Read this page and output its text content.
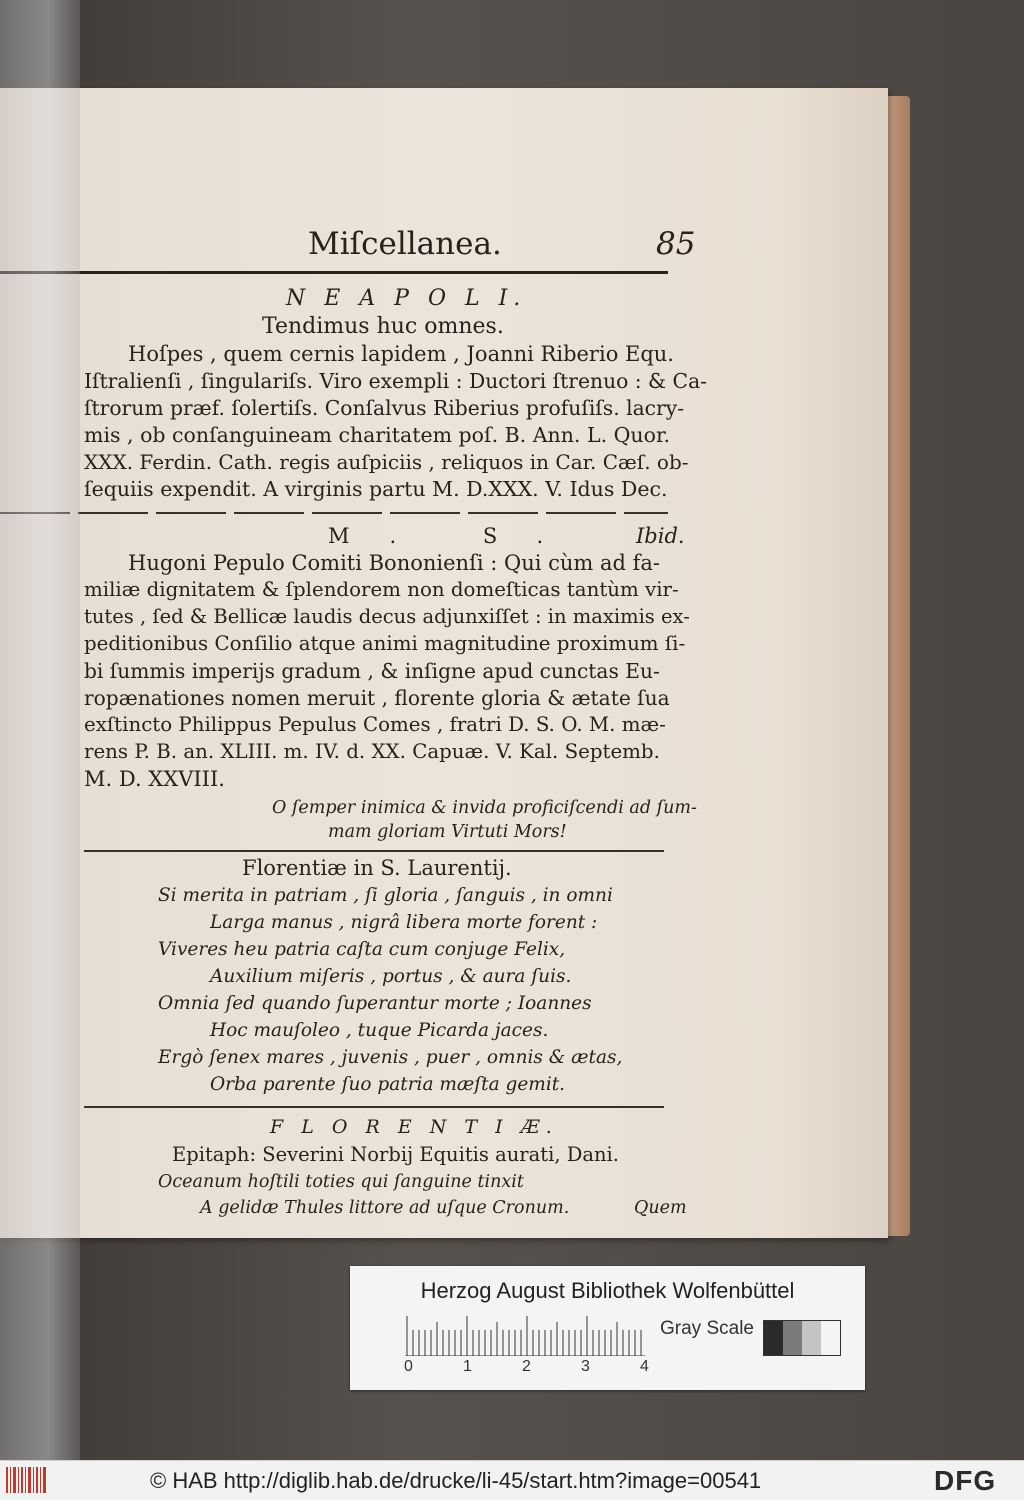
Miſcellanea.	85
N E A P O L I.
Tendimus huc omnes.
Hoſpes , quem cernis lapidem , Joanni Riberio Equ.
Iſtralienſi , ſingulariſs. Viro exempli : Ductori ſtrenuo : & Ca-
ſtrorum præf. ſolertiſs. Conſalvus Riberius profuſiſs. lacry-
mis , ob conſanguineam charitatem poſ. B. Ann. L. Quor.
XXX. Ferdin. Cath. regis auſpiciis , reliquos in Car. Cæſ. ob-
ſequiis expendit. A virginis partu M. D.XXX. V. Idus Dec.
M. S.	Ibid.
Hugoni Pepulo Comiti Bononienſi : Qui cùm ad fa-
miliæ dignitatem & ſplendorem non domeſticas tantùm vir-
tutes , ſed & Bellicæ laudis decus adjunxiſſet : in maximis ex-
peditionibus Conſilio atque animi magnitudine proximum ſi-
bi ſummis imperijs gradum , & inſigne apud cunctas Eu-
ropænationes nomen meruit , florente gloria & ætate ſua
exſtincto Philippus Pepulus Comes , fratri D. S. O. M. mæ-
rens P. B. an. XLIII. m. IV. d. XX. Capuæ. V. Kal. Septemb.
M. D. XXVIII.
O ſemper inimica & invida proficiſcendi ad ſum-
mam gloriam Virtuti Mors!
Florentiæ in S. Laurentij.
Si merita in patriam , ſi gloria , ſanguis , in omni
Larga manus , nigrâ libera morte forent :
Viveres heu patria caſta cum conjuge Felix,
Auxilium miſeris , portus , & aura ſuis.
Omnia ſed quando ſuperantur morte ; Ioannes
Hoc mauſoleo , tuque Picarda jaces.
Ergò ſenex mares , juvenis , puer , omnis & ætas,
Orba parente ſuo patria mæſta gemit.
F L O R E N T I Æ.
Epitaph: Severini Norbij Equitis aurati, Dani.
Oceanum hoſtili toties qui ſanguine tinxit
A gelidæ Thules littore ad uſque Cronum.	Quem
Herzog August Bibliothek Wolfenbüttel
0	1	2	3	4
Gray Scale
© HAB http://diglib.hab.de/drucke/li-45/start.htm?image=00541	DFG
